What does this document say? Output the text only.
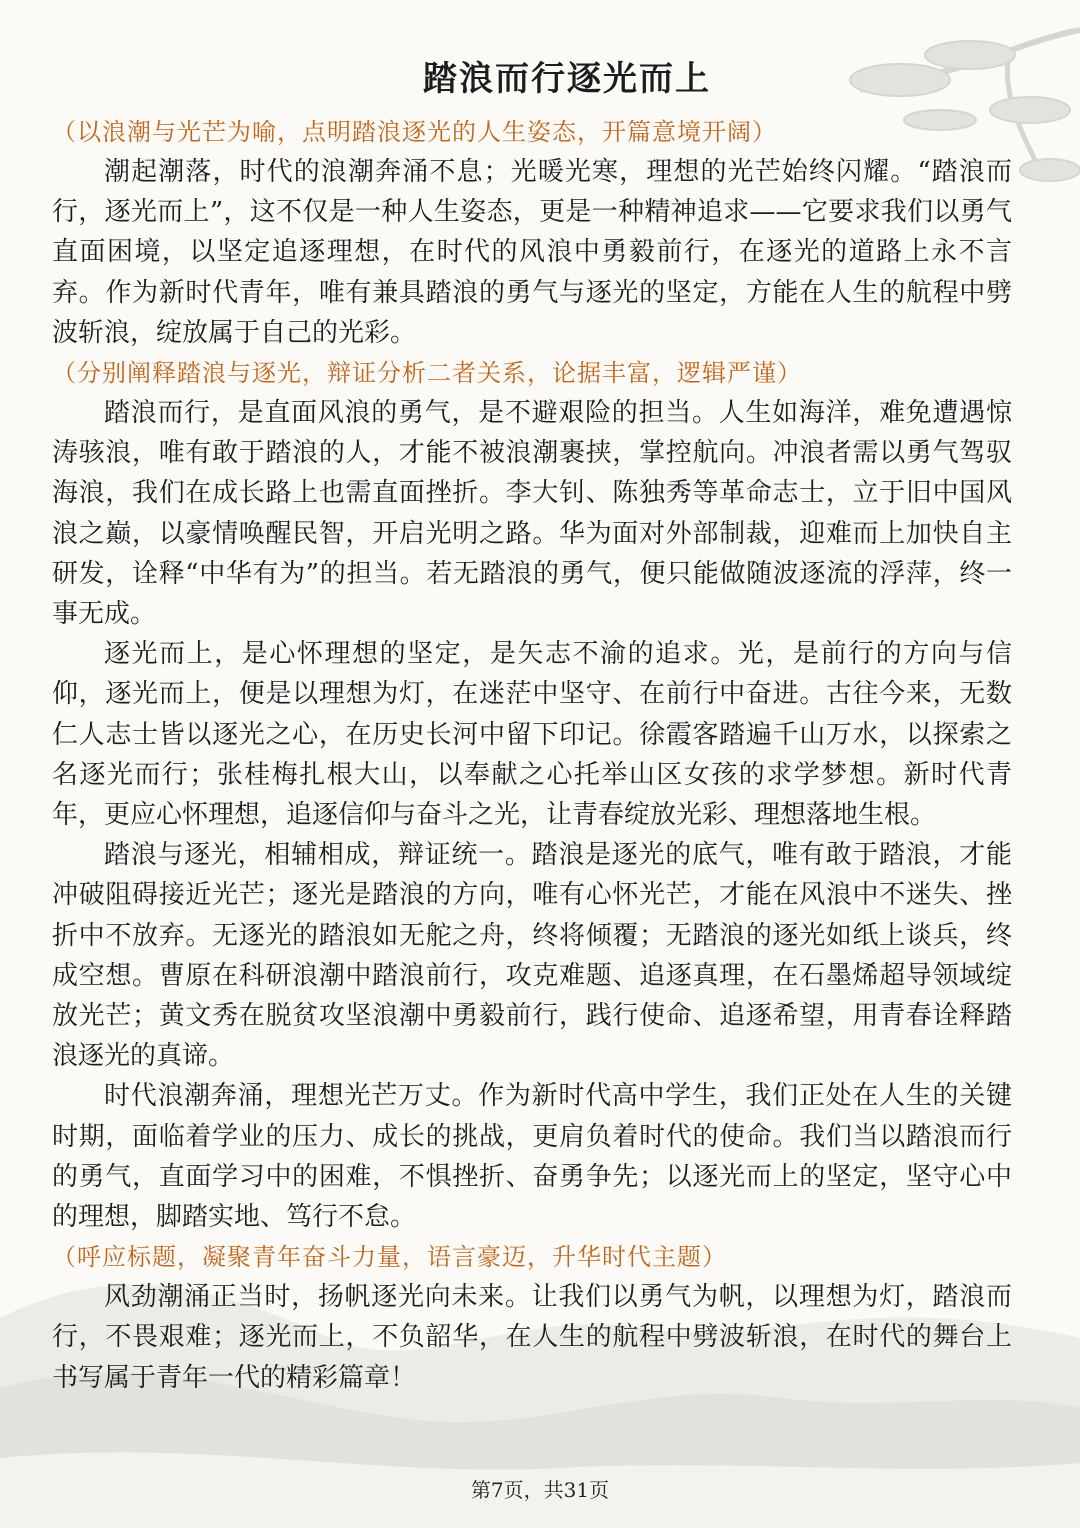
踏浪而行逐光而上

（以浪潮与光芒为喻，点明踏浪逐光的人生姿态，开篇意境开阔）

潮起潮落，时代的浪潮奔涌不息；光暖光寒，理想的光芒始终闪耀。“踏浪而行，逐光而上”，这不仅是一种人生姿态，更是一种精神追求——它要求我们以勇气直面困境，以坚定追逐理想，在时代的风浪中勇毅前行，在逐光的道路上永不言弃。作为新时代青年，唯有兼具踏浪的勇气与逐光的坚定，方能在人生的航程中劈波斩浪，绽放属于自己的光彩。

（分别阐释踏浪与逐光，辩证分析二者关系，论据丰富，逻辑严谨）

踏浪而行，是直面风浪的勇气，是不避艰险的担当。人生如海洋，难免遭遇惊涛骇浪，唯有敢于踏浪的人，才能不被浪潮裹挟，掌控航向。冲浪者需以勇气驾驭海浪，我们在成长路上也需直面挫折。李大钊、陈独秀等革命志士，立于旧中国风浪之巅，以豪情唤醒民智，开启光明之路。华为面对外部制裁，迎难而上加快自主研发，诠释“中华有为”的担当。若无踏浪的勇气，便只能做随波逐流的浮萍，终一事无成。

逐光而上，是心怀理想的坚定，是矢志不渝的追求。光，是前行的方向与信仰，逐光而上，便是以理想为灯，在迷茫中坚守、在前行中奋进。古往今来，无数仁人志士皆以逐光之心，在历史长河中留下印记。徐霞客踏遍千山万水，以探索之名逐光而行；张桂梅扎根大山，以奉献之心托举山区女孩的求学梦想。新时代青年，更应心怀理想，追逐信仰与奋斗之光，让青春绽放光彩、理想落地生根。

踏浪与逐光，相辅相成，辩证统一。踏浪是逐光的底气，唯有敢于踏浪，才能冲破阻碍接近光芒；逐光是踏浪的方向，唯有心怀光芒，才能在风浪中不迷失、挫折中不放弃。无逐光的踏浪如无舵之舟，终将倾覆；无踏浪的逐光如纸上谈兵，终成空想。曹原在科研浪潮中踏浪前行，攻克难题、追逐真理，在石墨烯超导领域绽放光芒；黄文秀在脱贫攻坚浪潮中勇毅前行，践行使命、追逐希望，用青春诠释踏浪逐光的真谛。

时代浪潮奔涌，理想光芒万丈。作为新时代高中学生，我们正处在人生的关键时期，面临着学业的压力、成长的挑战，更肩负着时代的使命。我们当以踏浪而行的勇气，直面学习中的困难，不惧挫折、奋勇争先；以逐光而上的坚定，坚守心中的理想，脚踏实地、笃行不怠。

（呼应标题，凝聚青年奋斗力量，语言豪迈，升华时代主题）

风劲潮涌正当时，扬帆逐光向未来。让我们以勇气为帆，以理想为灯，踏浪而行，不畏艰难；逐光而上，不负韶华，在人生的航程中劈波斩浪，在时代的舞台上书写属于青年一代的精彩篇章！

第7页，共31页
